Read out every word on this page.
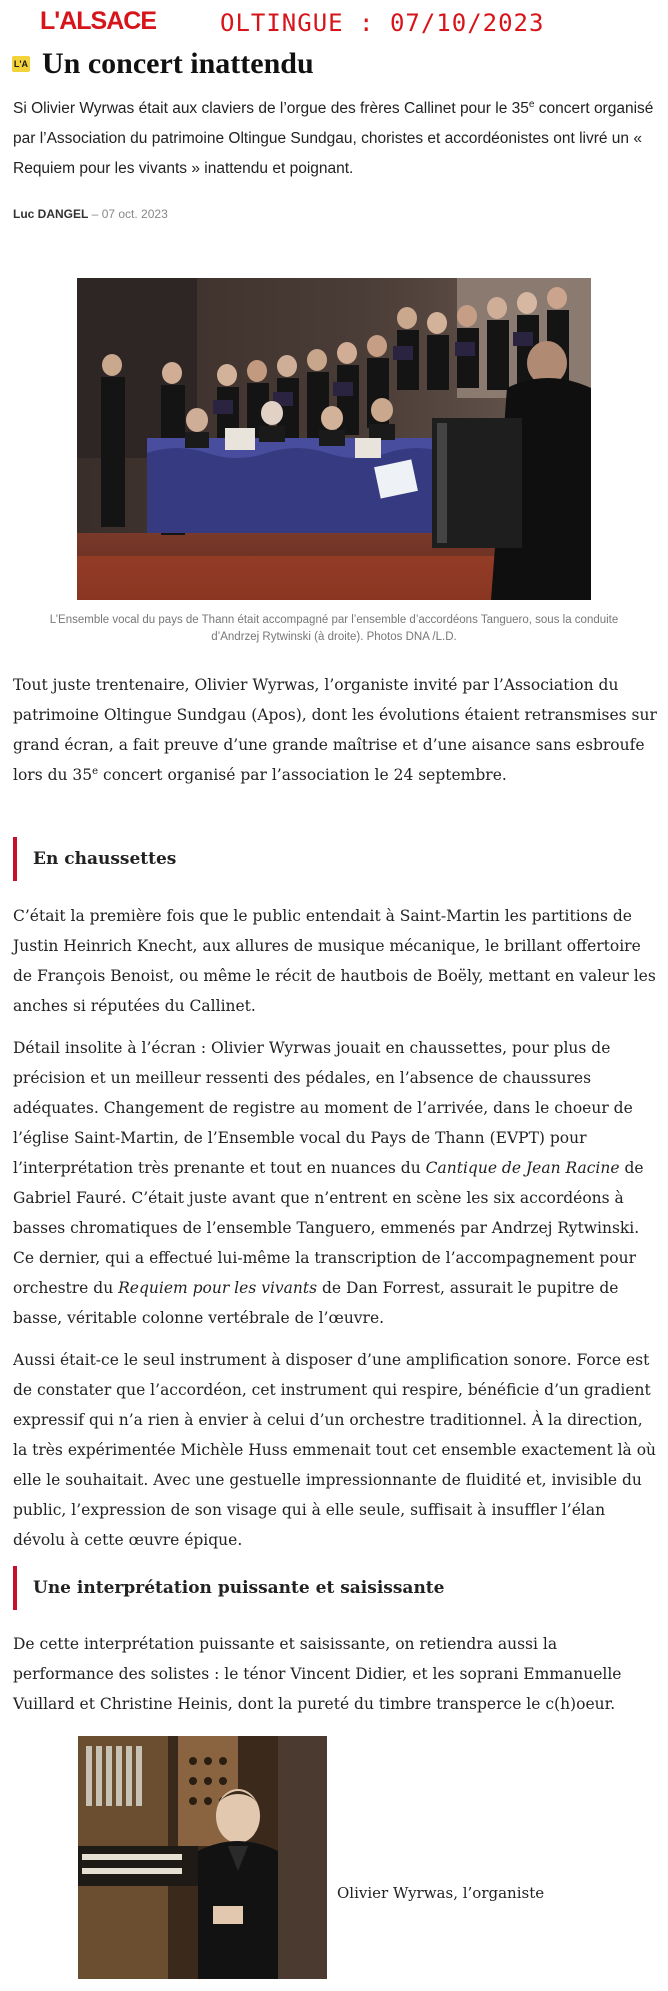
L'ALSACE	OLTINGUE : 07/10/2023
L'A Un concert inattendu

Si Olivier Wyrwas était aux claviers de l’orgue des frères Callinet pour le 35e concert organisé par l’Association du patrimoine Oltingue Sundgau, choristes et accordéonistes ont livré un « Requiem pour les vivants » inattendu et poignant.

Luc DANGEL – 07 oct. 2023
L’Ensemble vocal du pays de Thann était accompagné par l’ensemble d’accordéons Tanguero, sous la conduite d’Andrzej Rytwinski (à droite). Photos DNA /L.D.

Tout juste trentenaire, Olivier Wyrwas, l’organiste invité par l’Association du patrimoine Oltingue Sundgau (Apos), dont les évolutions étaient retransmises sur grand écran, a fait preuve d’une grande maîtrise et d’une aisance sans esbroufe lors du 35e concert organisé par l’association le 24 septembre.

En chaussettes

C’était la première fois que le public entendait à Saint-Martin les partitions de Justin Heinrich Knecht, aux allures de musique mécanique, le brillant offertoire de François Benoist, ou même le récit de hautbois de Boëly, mettant en valeur les anches si réputées du Callinet.

Détail insolite à l’écran : Olivier Wyrwas jouait en chaussettes, pour plus de précision et un meilleur ressenti des pédales, en l’absence de chaussures adéquates. Changement de registre au moment de l’arrivée, dans le choeur de l’église Saint-Martin, de l’Ensemble vocal du Pays de Thann (EVPT) pour l’interprétation très prenante et tout en nuances du Cantique de Jean Racine de Gabriel Fauré. C’était juste avant que n’entrent en scène les six accordéons à basses chromatiques de l’ensemble Tanguero, emmenés par Andrzej Rytwinski. Ce dernier, qui a effectué lui-même la transcription de l’accompagnement pour orchestre du Requiem pour les vivants de Dan Forrest, assurait le pupitre de basse, véritable colonne vertébrale de l’œuvre.

Aussi était-ce le seul instrument à disposer d’une amplification sonore. Force est de constater que l’accordéon, cet instrument qui respire, bénéficie d’un gradient expressif qui n’a rien à envier à celui d’un orchestre traditionnel. À la direction, la très expérimentée Michèle Huss emmenait tout cet ensemble exactement là où elle le souhaitait. Avec une gestuelle impressionnante de fluidité et, invisible du public, l’expression de son visage qui à elle seule, suffisait à insuffler l’élan dévolu à cette œuvre épique.

Une interprétation puissante et saisissante

De cette interprétation puissante et saisissante, on retiendra aussi la performance des solistes : le ténor Vincent Didier, et les soprani Emmanuelle Vuillard et Christine Heinis, dont la pureté du timbre transperce le c(h)oeur.

Olivier Wyrwas, l’organiste
